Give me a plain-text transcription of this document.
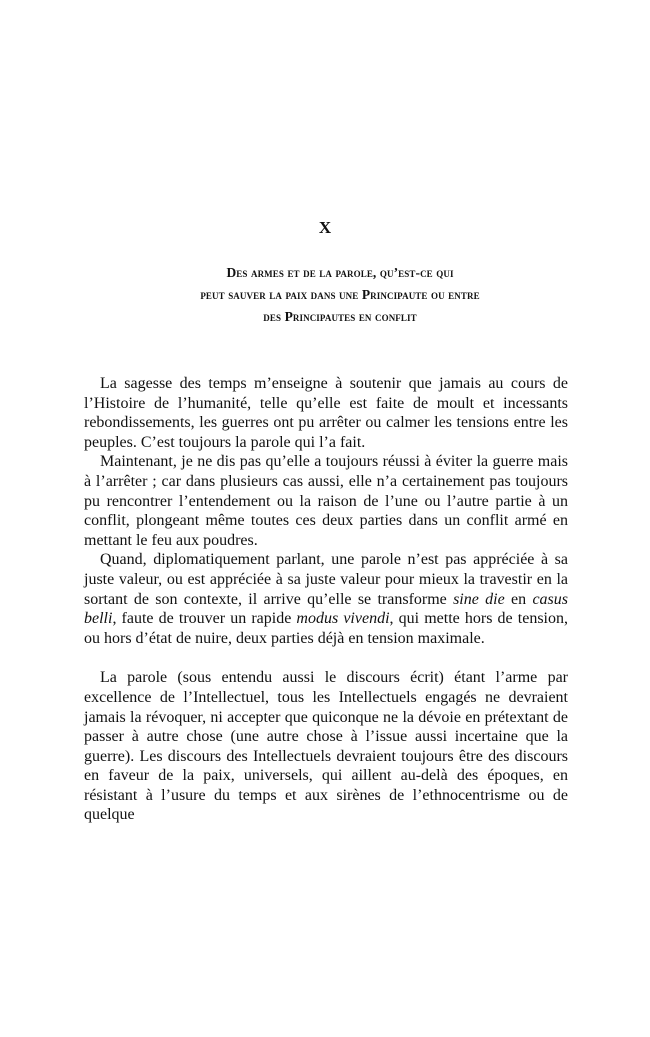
X
Des armes et de la parole, qu’est-ce qui
peut sauver la paix dans une Principaute ou entre
des Principautes en conflit

La sagesse des temps m’enseigne à soutenir que jamais au cours de l’Histoire de l’humanité, telle qu’elle est faite de moult et incessants rebondissements, les guerres ont pu arrêter ou calmer les tensions entre les peuples. C’est toujours la parole qui l’a fait.

Maintenant, je ne dis pas qu’elle a toujours réussi à éviter la guerre mais à l’arrêter ; car dans plusieurs cas aussi, elle n’a certainement pas toujours pu rencontrer l’entendement ou la raison de l’une ou l’autre partie à un conflit, plongeant même toutes ces deux parties dans un conflit armé en mettant le feu aux poudres.

Quand, diplomatiquement parlant, une parole n’est pas appréciée à sa juste valeur, ou est appréciée à sa juste valeur pour mieux la travestir en la sortant de son contexte, il arrive qu’elle se transforme sine die en casus belli, faute de trouver un rapide modus vivendi, qui mette hors de tension, ou hors d’état de nuire, deux parties déjà en tension maximale.

La parole (sous entendu aussi le discours écrit) étant l’arme par excellence de l’Intellectuel, tous les Intellectuels engagés ne devraient jamais la révoquer, ni accepter que quiconque ne la dévoie en prétextant de passer à autre chose (une autre chose à l’issue aussi incertaine que la guerre). Les discours des Intellectuels devraient toujours être des discours en faveur de la paix, universels, qui aillent au-delà des époques, en résistant à l’usure du temps et aux sirènes de l’ethnocentrisme ou de quelque
